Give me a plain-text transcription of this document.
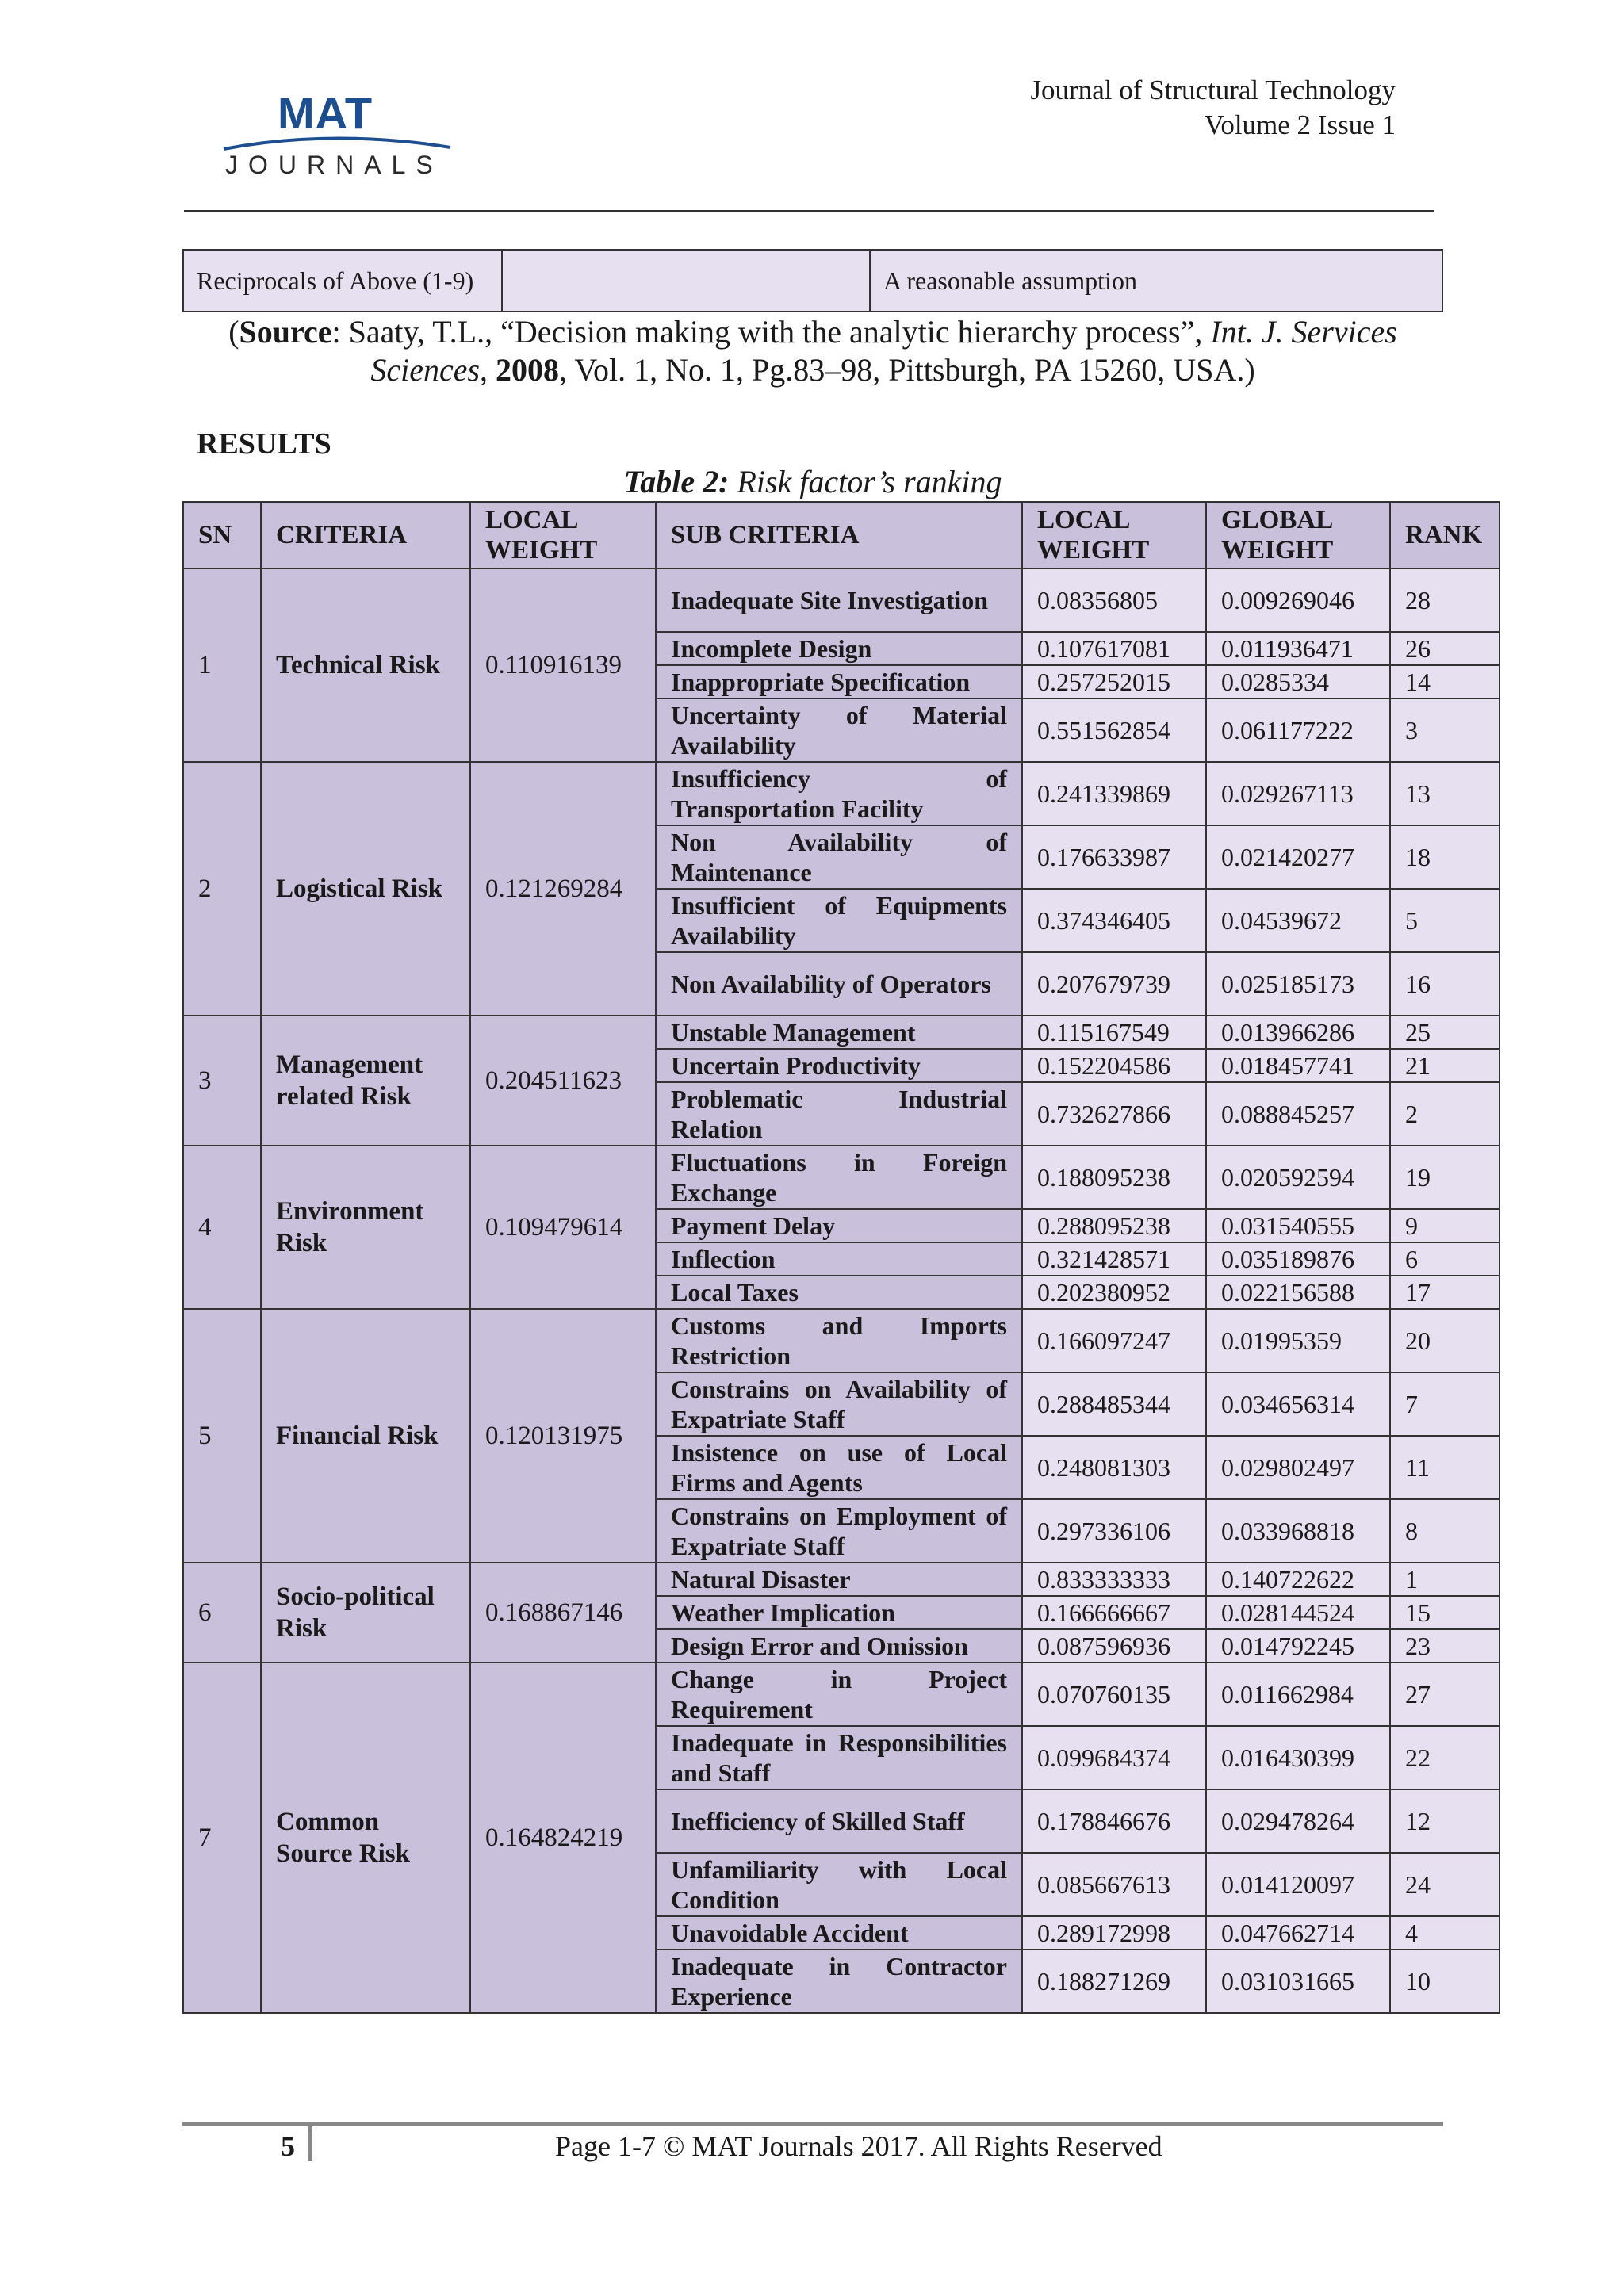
MAT
JOURNALS
Journal of Structural Technology
Volume 2 Issue 1
Reciprocals of Above (1-9)		A reasonable assumption
(Source: Saaty, T.L., “Decision making with the analytic hierarchy process”, Int. J. Services Sciences, 2008, Vol. 1, No. 1, Pg.83–98, Pittsburgh, PA 15260, USA.)
RESULTS
Table 2: Risk factor’s ranking
SN	CRITERIA	LOCAL WEIGHT	SUB CRITERIA	LOCAL WEIGHT	GLOBAL WEIGHT	RANK
1	Technical Risk	0.110916139	Inadequate Site Investigation	0.08356805	0.009269046	28
			Incomplete Design	0.107617081	0.011936471	26
			Inappropriate Specification	0.257252015	0.0285334	14
			Uncertainty of Material Availability	0.551562854	0.061177222	3
2	Logistical Risk	0.121269284	Insufficiency of Transportation Facility	0.241339869	0.029267113	13
			Non Availability of Maintenance	0.176633987	0.021420277	18
			Insufficient of Equipments Availability	0.374346405	0.04539672	5
			Non Availability of Operators	0.207679739	0.025185173	16
3	Management related Risk	0.204511623	Unstable Management	0.115167549	0.013966286	25
			Uncertain Productivity	0.152204586	0.018457741	21
			Problematic Industrial Relation	0.732627866	0.088845257	2
4	Environment Risk	0.109479614	Fluctuations in Foreign Exchange	0.188095238	0.020592594	19
			Payment Delay	0.288095238	0.031540555	9
			Inflection	0.321428571	0.035189876	6
			Local Taxes	0.202380952	0.022156588	17
5	Financial Risk	0.120131975	Customs and Imports Restriction	0.166097247	0.01995359	20
			Constrains on Availability of Expatriate Staff	0.288485344	0.034656314	7
			Insistence on use of Local Firms and Agents	0.248081303	0.029802497	11
			Constrains on Employment of Expatriate Staff	0.297336106	0.033968818	8
6	Socio-political Risk	0.168867146	Natural Disaster	0.833333333	0.140722622	1
			Weather Implication	0.166666667	0.028144524	15
			Design Error and Omission	0.087596936	0.014792245	23
7	Common Source Risk	0.164824219	Change in Project Requirement	0.070760135	0.011662984	27
			Inadequate in Responsibilities and Staff	0.099684374	0.016430399	22
			Inefficiency of Skilled Staff	0.178846676	0.029478264	12
			Unfamiliarity with Local Condition	0.085667613	0.014120097	24
			Unavoidable Accident	0.289172998	0.047662714	4
			Inadequate in Contractor Experience	0.188271269	0.031031665	10
5	Page 1-7 © MAT Journals 2017. All Rights Reserved
